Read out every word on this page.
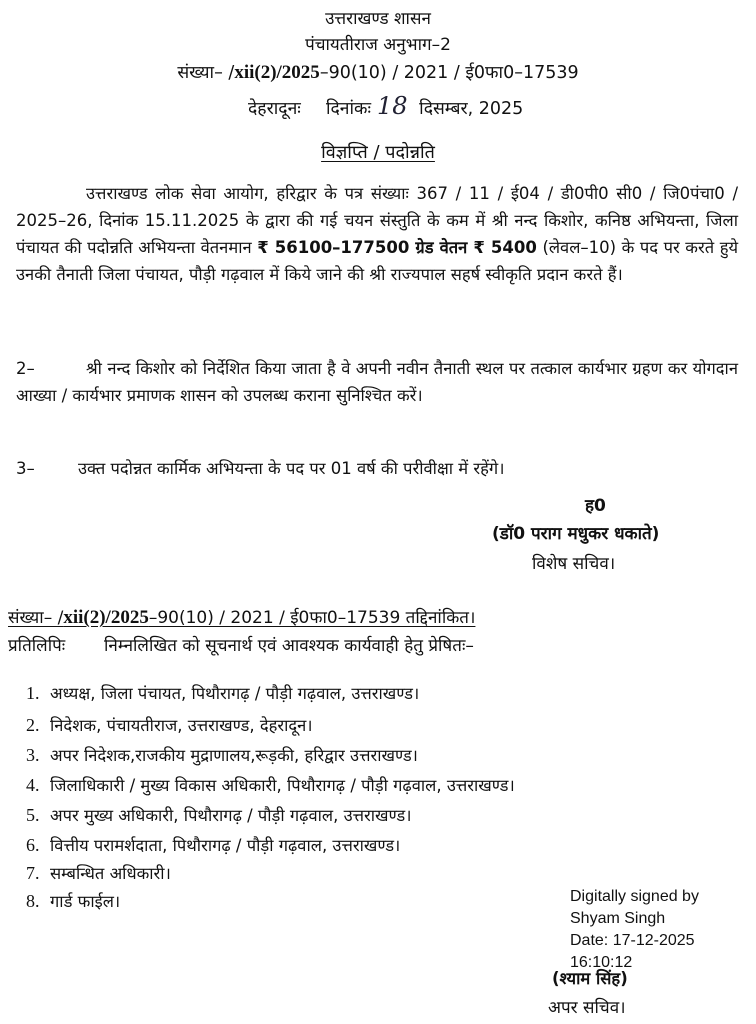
उत्तराखण्ड शासन
पंचायतीराज अनुभाग–2
संख्या– /xii(2)/2025–90(10) / 2021 / ई0फा0–17539
देहरादूनः दिनांकः 18 दिसम्बर, 2025
विज्ञप्ति / पदोन्नति
उत्तराखण्ड लोक सेवा आयोग, हरिद्वार के पत्र संख्याः 367 / 11 / ई04 / डी0पी0 सी0 / जि0पंचा0 / 2025–26, दिनांक 15.11.2025 के द्वारा की गई चयन संस्तुति के कम में श्री नन्द किशोर, कनिष्ठ अभियन्ता, जिला पंचायत की पदोन्नति अभियन्ता वेतनमान ₹ 56100–177500 ग्रेड वेतन ₹ 5400 (लेवल–10) के पद पर करते हुये उनकी तैनाती जिला पंचायत, पौड़ी गढ़वाल में किये जाने की श्री राज्यपाल सहर्ष स्वीकृति प्रदान करते हैं।
2–	श्री नन्द किशोर को निर्देशित किया जाता है वे अपनी नवीन तैनाती स्थल पर तत्काल कार्यभार ग्रहण कर योगदान आख्या / कार्यभार प्रमाणक शासन को उपलब्ध कराना सुनिश्चित करें।
3–	उक्त पदोन्नत कार्मिक अभियन्ता के पद पर 01 वर्ष की परीवीक्षा में रहेंगे।
ह0
(डॉ0 पराग मधुकर धकाते)
विशेष सचिव।
संख्या– /xii(2)/2025–90(10) / 2021 / ई0फा0–17539 तद्दिनांकित।
प्रतिलिपिः निम्नलिखित को सूचनार्थ एवं आवश्यक कार्यवाही हेतु प्रेषितः–
1. अध्यक्ष, जिला पंचायत, पिथौरागढ़ / पौड़ी गढ़वाल, उत्तराखण्ड।
2. निदेशक, पंचायतीराज, उत्तराखण्ड, देहरादून।
3. अपर निदेशक,राजकीय मुद्राणालय,रूड़की, हरिद्वार उत्तराखण्ड।
4. जिलाधिकारी / मुख्य विकास अधिकारी, पिथौरागढ़ / पौड़ी गढ़वाल, उत्तराखण्ड।
5. अपर मुख्य अधिकारी, पिथौरागढ़ / पौड़ी गढ़वाल, उत्तराखण्ड।
6. वित्तीय परामर्शदाता, पिथौरागढ़ / पौड़ी गढ़वाल, उत्तराखण्ड।
7. सम्बन्धित अधिकारी।
8. गार्ड फाईल।	Digitally signed by
Shyam Singh
Date: 17-12-2025
16:10:12
(श्याम सिंह)
अपर सचिव।
